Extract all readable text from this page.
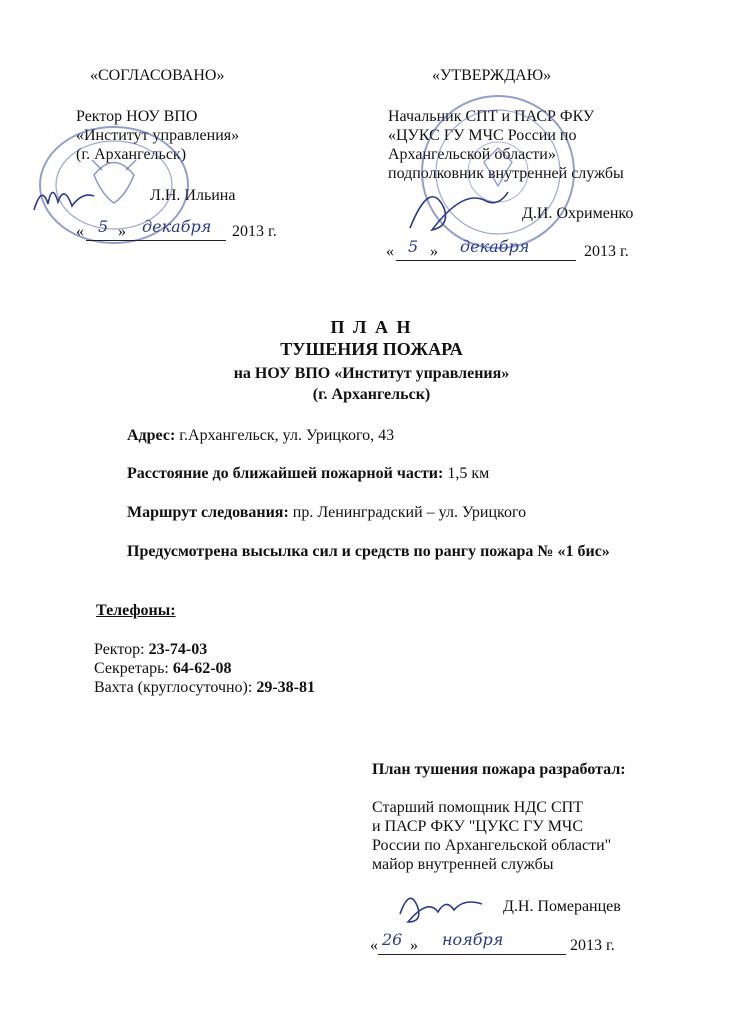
«СОГЛАСОВАНО»
Ректор НОУ ВПО
«Институт управления»
(г. Архангельск)
Л.Н. Ильина
« 5 » декабря 2013 г.
«УТВЕРЖДАЮ»
Начальник СПТ и ПАСР ФКУ
«ЦУКС ГУ МЧС России по
Архангельской области»
подполковник внутренней службы
Д.И. Охрименко
« 5 » декабря	2013 г.
П Л А Н
ТУШЕНИЯ ПОЖАРА
на НОУ ВПО «Институт управления»
(г. Архангельск)
Адрес: г.Архангельск, ул. Урицкого, 43
Расстояние до ближайшей пожарной части: 1,5 км
Маршрут следования: пр. Ленинградский – ул. Урицкого
Предусмотрена высылка сил и средств по рангу пожара № «1 бис»
Телефоны:
Ректор: 23-74-03
Секретарь: 64-62-08
Вахта (круглосуточно): 29-38-81
План тушения пожара разработал:
Старший помощник НДС СПТ
и ПАСР ФКУ "ЦУКС ГУ МЧС
России по Архангельской области"
майор внутренней службы
Д.Н. Померанцев
« 26 » ноября	2013 г.
